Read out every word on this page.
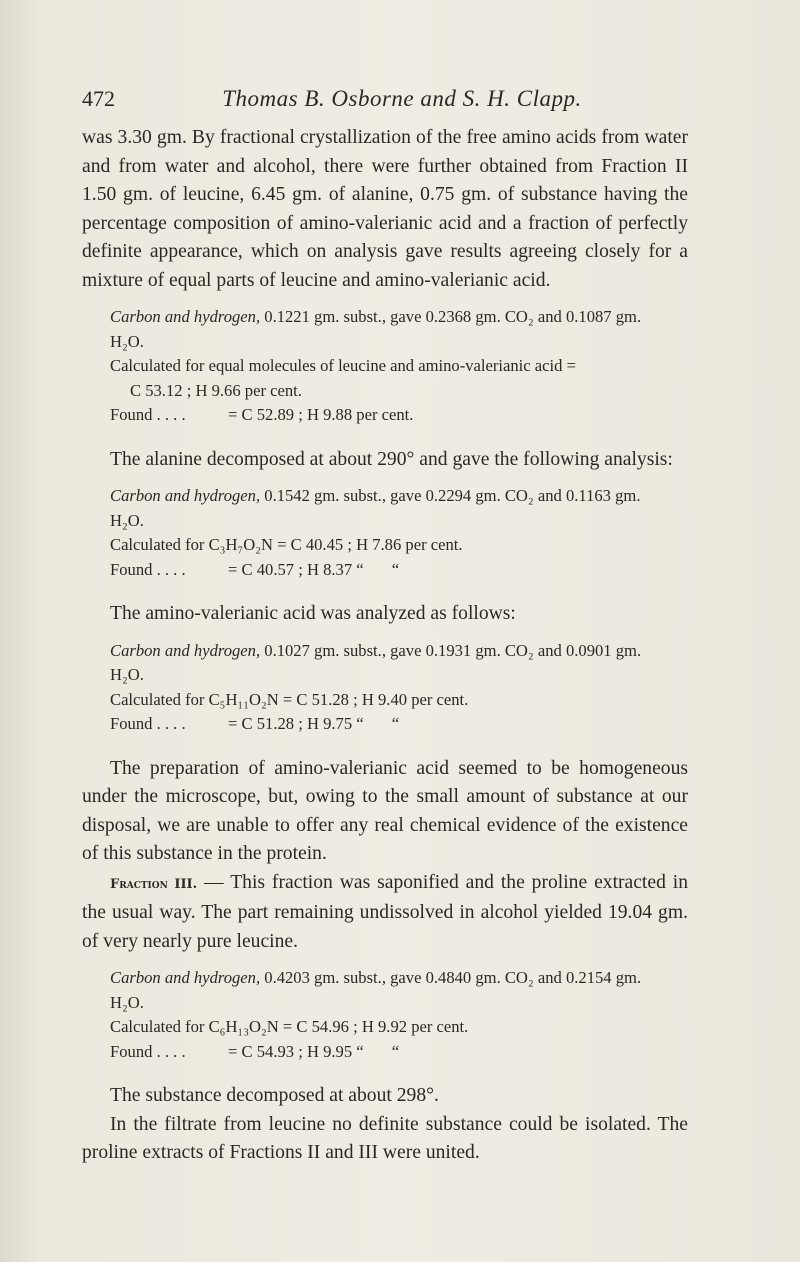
472	Thomas B. Osborne and S. H. Clapp.

was 3.30 gm. By fractional crystallization of the free amino acids from water and from water and alcohol, there were further obtained from Fraction II 1.50 gm. of leucine, 6.45 gm. of alanine, 0.75 gm. of substance having the percentage composition of amino-valerianic acid and a fraction of perfectly definite appearance, which on analysis gave results agreeing closely for a mixture of equal parts of leucine and amino-valerianic acid.

Carbon and hydrogen, 0.1221 gm. subst., gave 0.2368 gm. CO₂ and 0.1087 gm.

H₂O.

Calculated for equal molecules of leucine and amino-valerianic acid =

C 53.12 ; H 9.66 per cent.

Found . . . .	= C 52.89 ; H 9.88 per cent.

The alanine decomposed at about 290° and gave the following analysis:

Carbon and hydrogen, 0.1542 gm. subst., gave 0.2294 gm. CO₂ and 0.1163 gm.

H₂O.

Calculated for C₃H₇O₂N = C 40.45 ; H 7.86 per cent.

Found . . . .	= C 40.57 ; H 8.37 “ “

The amino-valerianic acid was analyzed as follows:

Carbon and hydrogen, 0.1027 gm. subst., gave 0.1931 gm. CO₂ and 0.0901 gm.

H₂O.

Calculated for C₅H₁₁O₂N = C 51.28 ; H 9.40 per cent.

Found . . . .	= C 51.28 ; H 9.75 “ “

The preparation of amino-valerianic acid seemed to be homogeneous under the microscope, but, owing to the small amount of substance at our disposal, we are unable to offer any real chemical evidence of the existence of this substance in the protein.

Fraction III. — This fraction was saponified and the proline extracted in the usual way. The part remaining undissolved in alcohol yielded 19.04 gm. of very nearly pure leucine.

Carbon and hydrogen, 0.4203 gm. subst., gave 0.4840 gm. CO₂ and 0.2154 gm.

H₂O.

Calculated for C₆H₁₃O₂N = C 54.96 ; H 9.92 per cent.

Found . . . .	= C 54.93 ; H 9.95 “ “

The substance decomposed at about 298°.

In the filtrate from leucine no definite substance could be isolated. The proline extracts of Fractions II and III were united.
